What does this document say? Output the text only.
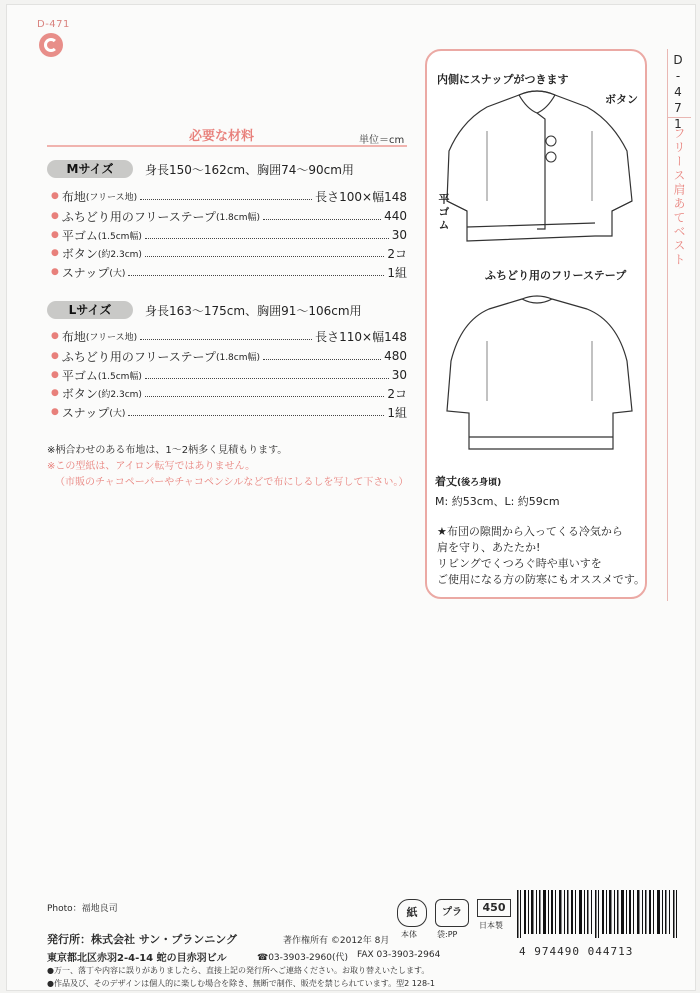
D-471
必要な材料	単位＝cm
Mサイズ	身長150〜162cm、胸囲74〜90cm用
● 布地 (フリース地)	長さ100×幅148
● ふちどり用のフリーステープ (1.8cm幅)	440
● 平ゴム (1.5cm幅)	30
● ボタン (約2.3cm)	2コ
● スナップ (大)	1組
Lサイズ	身長163〜175cm、胸囲91〜106cm用
● 布地 (フリース地)	長さ110×幅148
● ふちどり用のフリーステープ (1.8cm幅)	480
● 平ゴム (1.5cm幅)	30
● ボタン (約2.3cm)	2コ
● スナップ (大)	1組
※柄合わせのある布地は、1〜2柄多く見積もります。
※この型紙は、アイロン転写ではありません。
（市販のチャコペーパーやチャコペンシルなどで布にしるしを写して下さい。）
内側にスナップがつきます
ボタン
平ゴム
ふちどり用のフリーステープ
着丈(後ろ身頃)
M: 約53cm、L: 約59cm
★布団の隙間から入ってくる冷気から
肩を守り、あたたか!
リビングでくつろぐ時や車いすを
ご使用になる方の防寒にもオススメです。
D-471
フリース肩あてベスト
Photo：福地良司
発行所：株式会社 サン・プランニング	著作権所有 ©2012年 8月
東京都北区赤羽2-4-14 蛇の目赤羽ビル	☎03-3903-2960(代) FAX 03-3903-2964
●万一、落丁や内容に誤りがありましたら、直接上記の発行所へご連絡ください。お取り替えいたします。
●作品及び、そのデザインは個人的に楽しむ場合を除き、無断で制作、販売を禁じられています。型2 128-1
紙	プラ
本体	袋:PP
450
日本製
4 974490 044713
